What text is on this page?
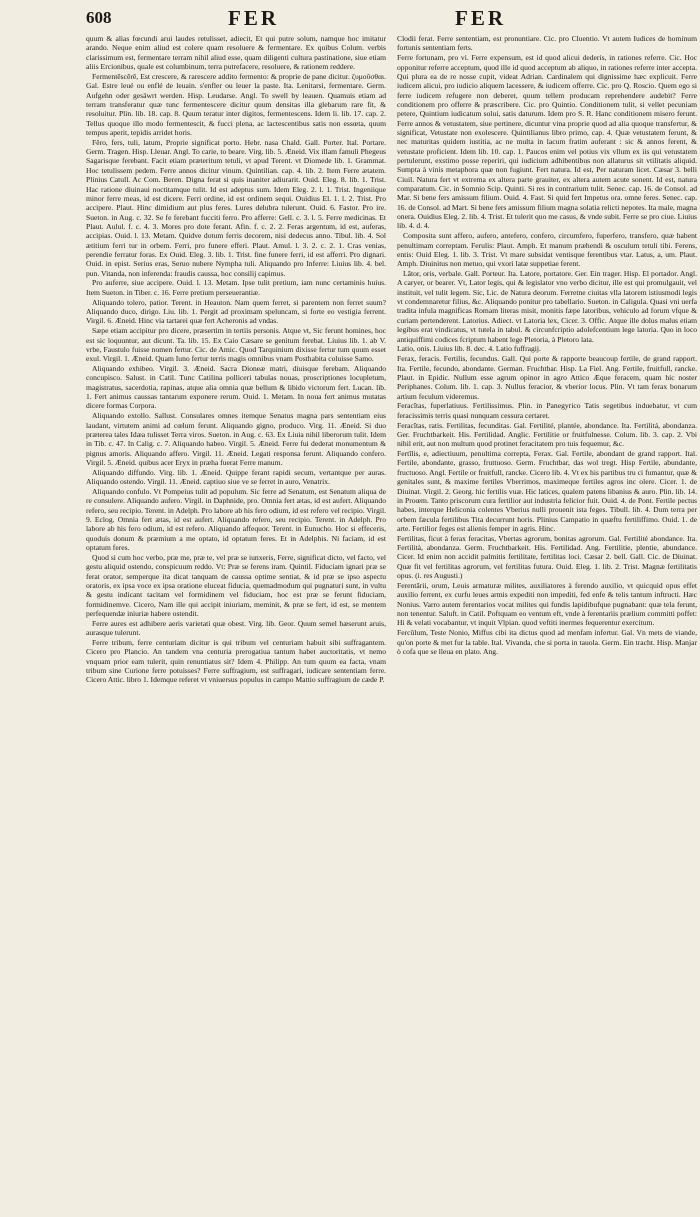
608	FER	FER

quum & alias fœcundi arui laudes retulisset, adiecit, Et qui putre solum, namque hoc imitatur arando. Neque enim aliud est colere quam resoluere & fermentare. Ex quibus Colum. verbis clarissimum est, fermentare terram nihil aliud esse, quam diligenti cultura pastinatione, siue etiam aliis Ercionibus, quale est columbinum, terra putrefacere, resoluere, & rationem reddere.

Fermentēscĕrĕ, Est crescere, & rarescere addito fermento: & proprie de pane dicitur. ζυμοῦσθαι. Gal. Estre leué ou enflé de leuain. s'enfler ou leuer la paste. Ita. Lenitarsi, fermentare. Germ. Aufgehn oder gesäwrt werden. Hisp. Leudarse. Angl. To swell by leauen. Quamuis etiam ad terram transferatur quæ tunc fermentescere dicitur quum densitas illa glebarum rare fit, & resoluitur. Plin. lib. 18. cap. 8. Quum teratur inter digitos, fermentescens. Idem li. lib. 17. cap. 2. Tellus quoque illo modo fermentescit, & fucci plena, ac lactescentibus satis non essœta, quum tempus aperit, tepidis arridet horis.

Fĕro, fers, tuli, latum, Proprie significat porto. Hebr. nasa Chald. Gall. Porter. Ital. Portare. Germ. Tragen. Hisp. Lleuar. Angl. To carie, to beare. Virg. lib. 5. Æneid. Vix illam famuli Phegeus Sagarisque ferebant. Facit etiam præteritum tetuli, vt apud Terent. vt Diomede lib. 1. Grammat. Hoc tetulissem pedem. Ferre annos dicitur vinum. Quintilian. cap. 4. lib. 2. Item Ferre ætatem. Plinius Catull. Ac Com. Beren. Digna ferat si quis inaniter adiurarit. Ouid. Eleg. 8. lib. 1. Trist. Hac ratione diuinaui noctitamque tulit. Id est adeptus sum. Idem Eleg. 2. l. 1. Trist. Ingeniique minor ferre meas, id est dicere. Ferri ordine, id est ordinem sequi. Ouidius El. 1. l. 2. Trist. Pro accipere. Plaut. Hinc dimidium aut plus feres. Lures delubra tulerunt. Ouid. 6. Fastor. Pro ire. Sueton. in Aug. c. 32. Se fe ferebant fucciti ferro. Pro afferre: Gell. c. 3. l. 5. Ferre medicinas. Et Plaut. Aulul. f. c. 4. 3. Mores pro dote ferant. Afin. f. c. 2. 2. Feras argentum, id est, auferas, accipias. Ouid. l. 13. Metam. Quidve dotum ferris decorem, nisi dedecus anno. Tibul. lib. 4. Sol ætitium ferri tur in orbem. Ferri, pro funere efferi. Plaut. Amul. l. 3. 2. c. 2. 1. Cras venias, perendie ferratur foras. Ex Ouid. Eleg. 3. lib. 1. Trist. fine funere ferri, id est afferri. Pro dignari. Ouid. in epist. Serius eras, Seruo nubere Nympha tuli. Aliquando pro Inferre: Liuius lib. 4. bel. pun. Vitanda, non inferenda: fraudis caussa, hoc consilij capimus.

Pro auferre, siue accipere. Ouid. l. 13. Metam. Ipse tulit pretium, iam nunc certaminis huius. Item Sueton. in Tiber. c. 16. Ferre pretium perseuerantiæ.

Aliquando tolero, patior. Terent. in Heauton. Nam quem ferret, si parentem non ferret suum? Aliquando duco, dirigo. Liu. lib. 1. Pergit ad proximam speluncam, si forte eo vestigia ferrent. Virgil. 6. Æneid. Hinc via tartarei quæ fert Acheronis ad vndas.

Sæpe etiam accipitur pro dicere, præsertim in tertiis personis. Atque vt, Sic ferunt homines, hoc est sic loquuntur, aut dicunt. Ta. lib. 15. Ex Caio Cæsare se genitum ferebat. Liuius lib. 1. ab V. vrbe, Faustulo fuisse nomen fertur. Cic. de Amic. Quod Tarquinium dixisse fertur tum quum esset exul. Virgil. 1. Æneid. Quam Iuno fertur terris magis omnibus vnam Posthabita coluisse Samo.

Aliquando exhibeo. Virgil. 3. Æneid. Sacra Dioneæ matri, diuisque ferebam. Aliquando concupisco. Salust. in Catil. Tunc Catilina polliceri tabulas nouas, proscriptiones locupletum, magistratus, sacerdotia, rapinas, atque alia omnia quæ bellum & libido victorum fert. Lucan. lib. 1. Fert animus caussas tantarum exponere rerum. Ouid. 1. Metam. In noua fert animus mutatas dicere formas Corpora.

Aliquando extollo. Sallust. Consulares omnes itemque Senatus magna pars sententiam eius laudant, virtutem animi ad cœlum ferunt. Aliquando gigno, produco. Virg. 11. Æneid. Si duo præterea tales Idæa tulisset Terra viros. Sueton. in Aug. c. 63. Ex Liuia nihil liberorum tulit. Idem in Tib. c. 47. In Calig. c. 7. Aliquando habeo. Virgil. 5. Æneid. Ferre fui dederat monumentum & pignus amoris. Aliquando affero. Virgil. 11. Æneid. Legati responsa ferunt. Aliquando confero. Virgil. 5. Æneid. quibus acer Eryx in præha fuerat Ferre manum.

Aliquando diffundo. Virg. lib. 1. Æneid. Quippe ferant rapidi secum, vertantque per auras. Aliquando ostendo. Virgil. 11. Æneid. captiuo siue ve se ferret in auro, Venatrix.

Aliquando confulo. Vt Pompeius tulit ad populum. Sic ferre ad Senatum, est Senatum aliqua de re consulere. Aliquando aufero. Virgil. in Daphnide, pro. Omnia fert ætas, id est aufert. Aliquando refero, seu recipio. Terent. in Adelph. Pro labore ab his fero odium, id est refero vel recipio. Virgil. 9. Eclog. Omnia fert ætas, id est aufert. Aliquando refero, seu recipio. Terent. in Adelph. Pro labore ab his fero odium, id est refero. Aliquando affequor. Terent. in Eunucho. Hoc si effeceris, quoduis donum & præmium a me optato, id optatum feres. Et in Adelphis. Ni faciam, id est optatum feres.

Quod si cum hoc verbo, præ me, præ te, vel præ se iunxeris, Ferre, significat dicto, vel facto, vel gestu aliquid ostendo, conspicuum reddo. Vt: Præ se ferens iram. Quintil. Fiduciam ignari præ se ferat orator, semperque ita dicat tanquam de caussa optime sentiat, & id præ se ipso aspectu oratoris, ex ipsa voce ex ipsa oratione eluceat fiducia, quemadmodum qui pugnaturi sunt, in vultu & gestu indicant tacitam vel formidinem vel fiduciam, hoc est præ se ferunt fiduciam, formidinemve. Cicero, Nam ille qui accipit iniuriam, meminit, & præ se fert, id est, se mentem perfequendæ iniuriæ habere ostendit.

Ferre aures est adhibere aeris varietati quæ obest. Virg. lib. Geor. Quum semel hæserunt aruis, aurasque tulerunt.

Ferre tribum, ferre centuriam dicitur is qui tribum vel centuriam habuit sibi suffragantem. Cicero pro Plancio. An tandem vna centuria prerogatiua tantum habet auctoritatis, vt nemo vnquam prior eam tulerit, quin renuntiatus sit? Idem 4. Philipp. An tum quum ea facta, vnam tribum sine Curione ferre potuisses? Ferre suffragium, est suffragari, iudicare sententiam ferre. Cicero Attic. libro 1. Idemque referet vt vniuersus populus in campo Mattio suffragium de cæde P.

Clodii ferat. Ferre sententiam, est pronuntiare. Cic. pro Cluentio. Vt autem Iudices de hominum fortunis sententiam ferts.

Ferre fortunam, pro vi. Ferre expensum, est id quod alicui dederis, in rationes referre. Cic. Hoc opponitur referre acceptum, quod ille id quod acceptum ab aliquo, in rationes referre inter accepta. Qui plura ea de re nosse cupit, videat Adrian. Cardinalem qui dignissime hæc explicuit. Ferre iudicem alicui, pro iudicio aliquem lacessere, & iudicem offerre. Cic. pro Q. Roscio. Quem ego si ferre iudicem refugere non deberet, quum tellem producam reprehendere audebit? Ferre conditionem pro offerre & præscribere. Cic. pro Quintio. Conditionem tulit, si vellet pecuniam petere, Quintium iudicatum solui, satis daturum. Idem pro S. R. Hanc conditionem misero ferunt. Ferre annos & vetustatem, siue pertinere, dicuntur vina proprie quod ad alia quoque transfertur, & significat, Vetustate non exolescere. Quintilianus libro primo, cap. 4. Quæ vetustatem ferunt, & nec maturitas quidem iustitia, ac ne multa in lacum fratim auferant : sic & annos ferent, & vetustate proficient. Idem lib. 10. cap. 1. Paucos enim vel potius vix vllum ex iis qui vetustatem pertulerunt, exstimo posse reperiri, qui iudicium adhibentibus non allaturus sit vtilitatis aliquid. Sumpta à vinis metaphora quæ non fugiunt. Fert natura. Id est, Per naturam licet. Cæsar 3. belli Ciuil. Natura fert vt extrema ex altera parte grauiter, ex altera autem acute sonent. Id est, natura comparatum. Cic. in Somnio Scip. Quinti. Si res in contrarium tulit. Senec. cap. 16. de Consol. ad Mar. Si bene fers amissum filium. Ouid. 4. Fast. Si quid fert Impetus ora. omne feres. Senec. cap. 16. de Consol. ad Mart. Si bene fers amissum filium magna solatia relicti nepotes. Ita male, magna onera. Ouidius Eleg. 2. lib. 4. Trist. Et tulerit quo me casus, & vnde subit. Ferre se pro ciue. Liuius lib. 4. d. 4.

Composita sunt affero, aufero, antefero, confero, circumfero, fuperfero, transfero, quæ habent penultimam correptam. Ferulis: Plaut. Amph. Et manum præhendi & osculum tetuli tibi. Ferens, entis: Ouid Eleg. 1. lib. 3. Trist. Vt mare subsidat ventisque ferentibus vtar. Latus, a, um. Plaut. Amph. Diuinitus non metuo, qui vxori latæ suppetiae ferent.

Lātor, oris, verbale. Gall. Porteur. Ita. Latore, portatore. Ger. Ein trager. Hisp. El portador. Angl. A caryer, or bearer. Vt, Lator legis, qui & legislator vno verbo dicitur, ille est qui promulgauit, vel instituit, vel tulit legem. Sic, Lic. de Natura deorum. Ferretne ciuitas vlla latorem istiusmodi legis vt condemnaretur filius, &c. Aliquando ponitur pro tabellario. Sueton. in Caligula. Quasi vni uerfa tradita infula magnificas Romam literas misit, monitis fæpe latoribus, vehiculo ad forum vfque & curiam pertenderent. Latorius. Adiect. vt Latoria lex, Cicer. 3. Offic. Atque ille dolus malus etiam legibus erat vindicatus, vt tutela in tabul. & circunfcriptio adolefcentium lege latoria. Quo in loco antiquiffimi codices fcriptum habent lege Pletoria, à Pletoro lata.

Latio, onis. Liuius lib. 8. dec. 4. Latio fuffragij.

Ferax, feracis. Fertilis, fecundus. Gall. Qui porte & rapporte beaucoup fertile, de grand rapport. Ita. Fertile, fecundo, abondante. German. Fruchtbar. Hisp. La Fiel. Ang. Fertile, fruitfull, rancke. Plaut. in Epidic. Nullum esse agrum opinor in agro Attico Æque feracem, quam hic noster Periphanes. Colum. lib. 1. cap. 3. Nullus feracior, & vberior locus. Plin. Vt tam ferax bonarum artium feculum videremus.

Feracĭtas, fuperlatiuus. Fertilissimus. Plin. in Panegyrico Tatis segetibus induebatur, vt cum feracissimis terris quasi nunquam cessura certaret.

Feracĭtas, ratis. Fertilitas, fecunditas. Gal. Fertilité, plantée, abondance. Ita. Fertilitá, abondanza. Ger. Fruchtbarkeit. His. Fertilidad. Anglic. Fertilitie or fruitfulnesse. Colum. lib. 3. cap. 2. Vbi nihil erit, aut non multum quod protinet feracitatem pro tuis fequemur, &c.

Fertĭlis, e, adiectiuum, penultima correpta, Ferax. Gal. Fertile, abondant de grand rapport. Ital. Fertile, abondante, grasso, fruttuoso. Germ. Fruchtbar, das wol tregt. Hisp Fertile, abundante, fructuoso. Angl. Fertile or fruitfull, rancke. Cicero lib. 4. Vt ex his partibus tru ci fumantur, quæ & genitales sunt, & maxime fertiles Vberrimos, maximeque fertiles agros inc olere. Cicer. 1. de Diuinat. Virgil. 2. Georg. hic fertilis vuæ. Hic latices, qualem patens libanius & auro. Plin. lib. 14. in Proœm. Tanto priscorum cura fertilior aut industria felicior fuit. Ouid. 4. de Pont. Fertile pectus habes, interque Heliconia colentes Vberius nulli prouenit ista feges. Tibull. lib. 4. Dum terra per orbem fæcula fertilibus Tita decurrunt horis. Plinius Campatio in quæftu fertiliffimo. Ouid. 1. de arte. Fertilior feges est alienis femper in agris. Hinc.

Fertilitas, ficut à ferax feracitas, Vbertas agrorum, bonitas agrorum. Gal. Fertilité abondance. Ita. Fertilità, abondanza. Germ. Fruchtbarkeit. His. Fertilidad. Ang. Fertilitie, plentie, abundance. Cicer. Id enim non accidit palmitis fertilitate, fertilitas loci. Cæsar 2. bell. Gall. Cic. de Diuinat. Quæ fit vel fertilitas agrorum, vel fertilitas futura. Ouid. Eleg. 1. lib. 2. Trist. Magnæ fertilitatis opus. (i. res Augusti.)

Ferentārii, orum, Leuis armaturæ milites, auxiliatores à ferendo auxilio, vt quicquid opus effet auxilio ferrent, ex curfu leues armis expediti non impediti, fed enfe & telis tantum inftructi. Hæc Nonius. Varro autem ferentarios vocat milites qui fundis lapidibufque pugnabant: quæ tela ferunt, non tenentur. Saluft. in Catil. Poftquam eo ventum eft, vnde à ferentariis prælium committi poffet: Hi & velati vocabantur, vt inquit Vlpian. quod veftiti inermes fequerentur exercitum.

Fercŭlum, Teste Nonio, Miffus cibi ita dictus quod ad menfam infertur. Gal. Vn mets de viande, qu'on porte & met fur la table. Ital. Vivanda, che si porta in tauola. Germ. Ein tracht. Hisp. Manjar ò cofa que se lleua en plato. Ang.
